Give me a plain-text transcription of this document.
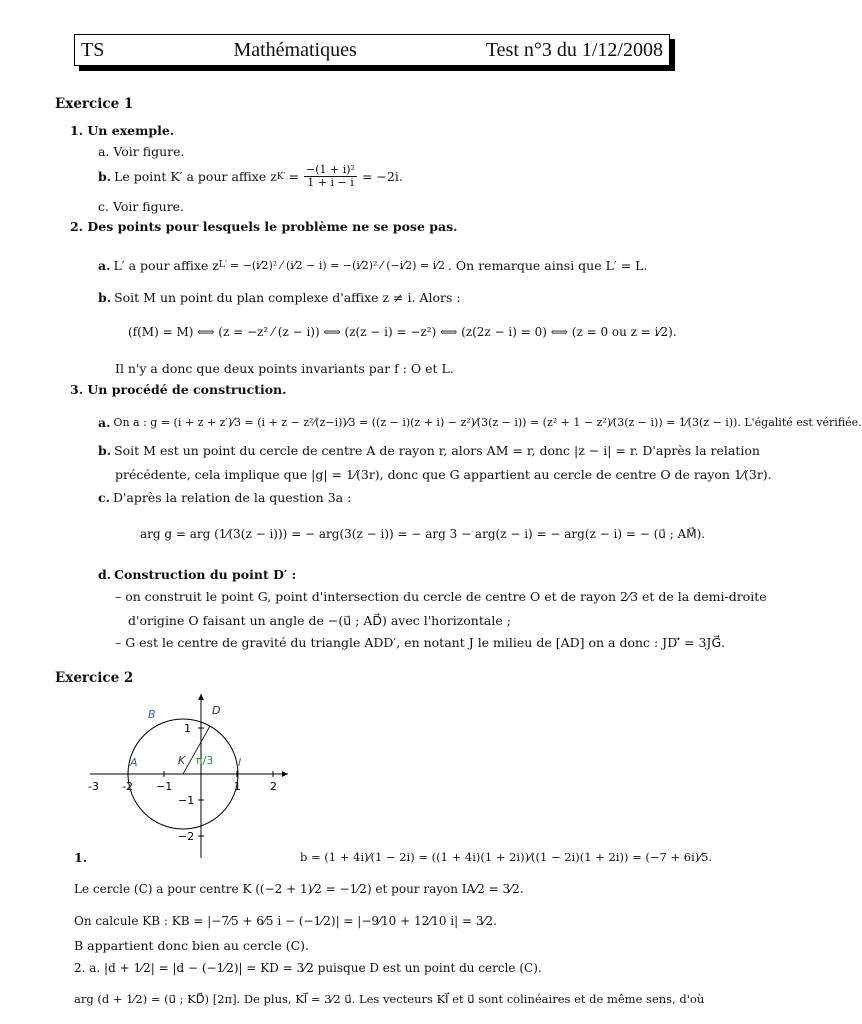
TS	Mathématiques	Test n°3 du 1/12/2008
Exercice 1
1. Un exemple.
a. Voir figure.
b. Le point K′ a pour affixe z $K' = \frac{\text{−(1 + i)²}}{1 + i - i} = -2i$.
c. Voir figure.
2. Des points pour lesquels le problème ne se pose pas.
a. L′ a pour affixe z L′ = −(i⁄2)² ⁄ (i⁄2 − i) = −(i⁄2)² ⁄ (−i⁄2) = i⁄2 . On remarque ainsi que L′ = L.
b. Soit M un point du plan complexe d'affixe z ≠ i. Alors :
(f(M) = M) ⟺ (z = −z² ⁄ (z − i)) ⟺ (z(z − i) = −z²) ⟺ (z(2z − i) = 0) ⟺ (z = 0 ou z = i⁄2).
Il n'y a donc que deux points invariants par f : O et L.
3. Un procédé de construction.
a. On a : g = (i + z + z′)⁄3 = (i + z − z²⁄(z−i))⁄3 = ((z − i)(z + i) − z²)⁄(3(z − i)) = (z² + 1 − z²)⁄(3(z − i)) = 1⁄(3(z − i)). L'égalité est vérifiée.
b. Soit M est un point du cercle de centre A de rayon r, alors AM = r, donc |z − i| = r. D'après la relation
précédente, cela implique que |g| = 1⁄(3r), donc que G appartient au cercle de centre O de rayon 1⁄(3r).
c. D'après la relation de la question 3a :
arg g = arg (1⁄(3(z − i))) = − arg(3(z − i)) = − arg 3 − arg(z − i) = − arg(z − i) = − (u⃗ ; AM⃗).
d. Construction du point D′ :
– on construit le point G, point d'intersection du cercle de centre O et de rayon 2⁄3 et de la demi-droite
d'origine O faisant un angle de −(u⃗ ; AD⃗) avec l'horizontale ;
– G est le centre de gravité du triangle ADD′, en notant J le milieu de [AD] on a donc : JD′⃗ = 3JG⃗.
Exercice 2
-3 -2 −1	1	2
1
−1
−2
A
B	D
K	I
π/3
1.	b = (1 + 4i)⁄(1 − 2i) = ((1 + 4i)(1 + 2i))⁄((1 − 2i)(1 + 2i)) = (−7 + 6i)⁄5.
Le cercle (C) a pour centre K ((−2 + 1)⁄2 = −1⁄2) et pour rayon IA⁄2 = 3⁄2.
On calcule KB : KB = |−7⁄5 + 6⁄5 i − (−1⁄2)| = |−9⁄10 + 12⁄10 i| = 3⁄2.
B appartient donc bien au cercle (C).
2. a. |d + 1⁄2| = |d − (−1⁄2)| = KD = 3⁄2 puisque D est un point du cercle (C).
arg (d + 1⁄2) = (u⃗ ; KD⃗) [2π]. De plus, KI⃗ = 3⁄2 u⃗. Les vecteurs KI⃗ et u⃗ sont colinéaires et de même sens, d'où
